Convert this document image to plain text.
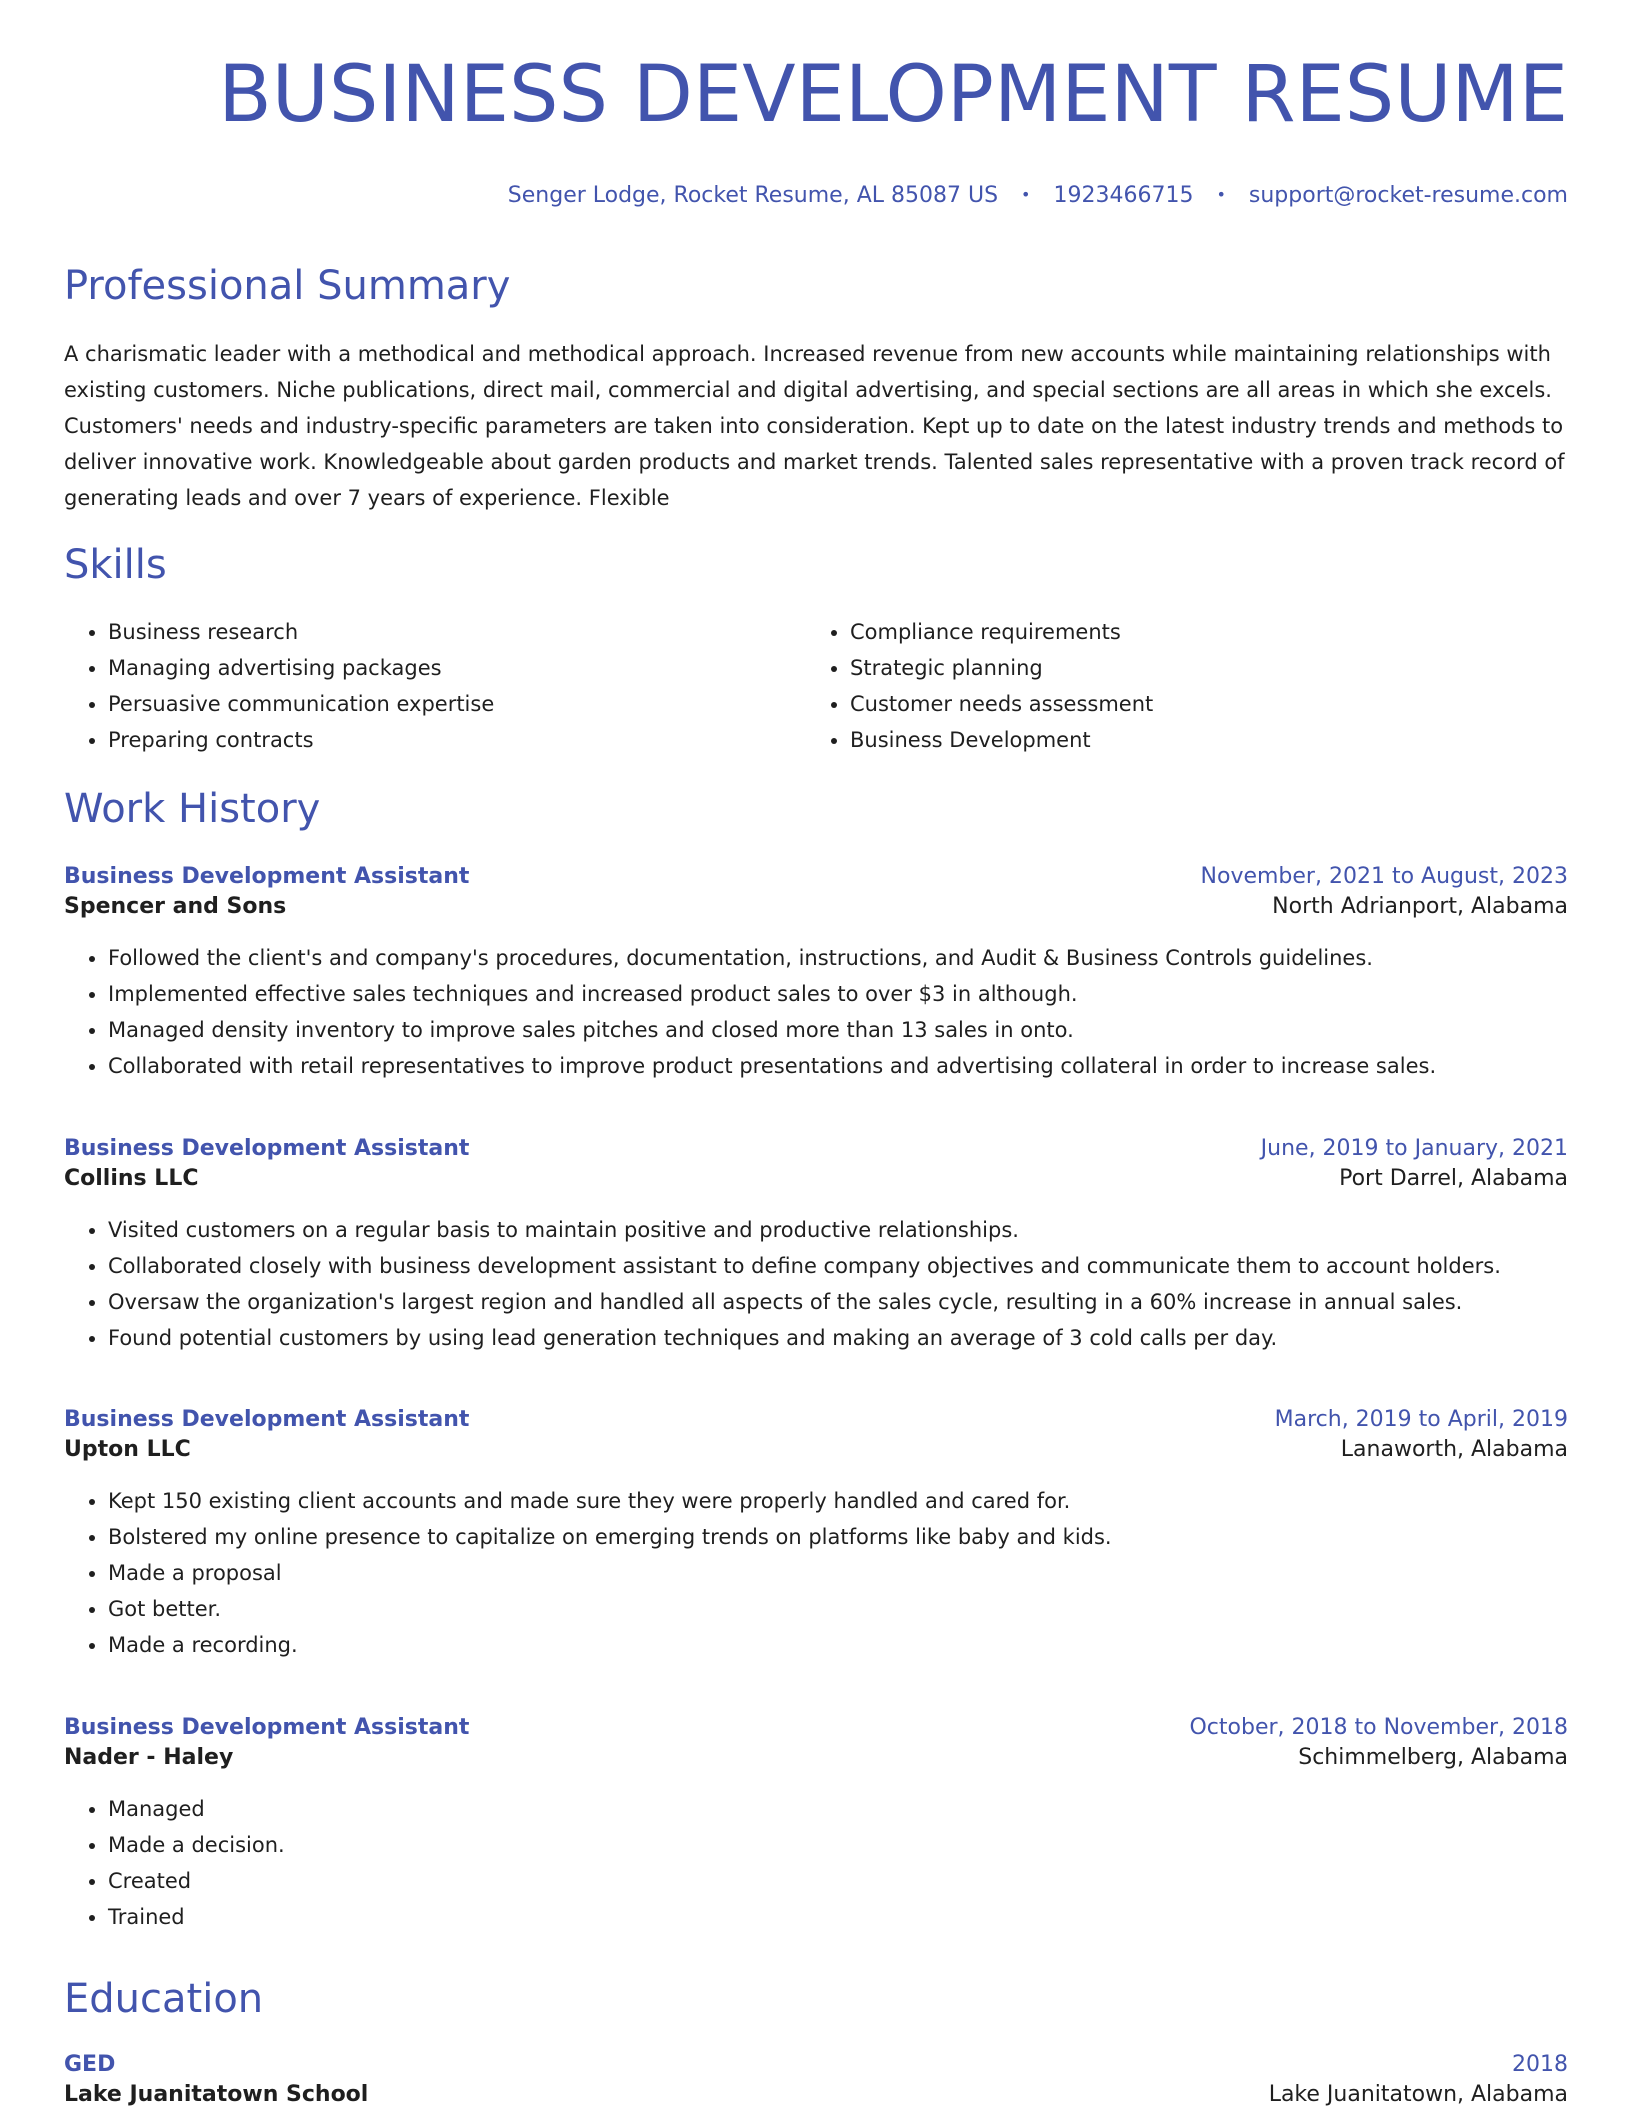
BUSINESS DEVELOPMENT RESUME
Senger Lodge, Rocket Resume, AL 85087 US • 1923466715 • support@rocket-resume.com
Professional Summary

A charismatic leader with a methodical and methodical approach. Increased revenue from new accounts while maintaining relationships with existing customers. Niche publications, direct mail, commercial and digital advertising, and special sections are all areas in which she excels. Customers' needs and industry-specific parameters are taken into consideration. Kept up to date on the latest industry trends and methods to deliver innovative work. Knowledgeable about garden products and market trends. Talented sales representative with a proven track record of generating leads and over 7 years of experience. Flexible

Skills
• Business research
• Managing advertising packages
• Persuasive communication expertise
• Preparing contracts
• Compliance requirements
• Strategic planning
• Customer needs assessment
• Business Development
Work History
Business Development Assistant	November, 2021 to August, 2023
Spencer and Sons	North Adrianport, Alabama
• Followed the client's and company's procedures, documentation, instructions, and Audit & Business Controls guidelines.
• Implemented effective sales techniques and increased product sales to over $3 in although.
• Managed density inventory to improve sales pitches and closed more than 13 sales in onto.
• Collaborated with retail representatives to improve product presentations and advertising collateral in order to increase sales.
Business Development Assistant	June, 2019 to January, 2021
Collins LLC	Port Darrel, Alabama
• Visited customers on a regular basis to maintain positive and productive relationships.
• Collaborated closely with business development assistant to define company objectives and communicate them to account holders.
• Oversaw the organization's largest region and handled all aspects of the sales cycle, resulting in a 60% increase in annual sales.
• Found potential customers by using lead generation techniques and making an average of 3 cold calls per day.
Business Development Assistant	March, 2019 to April, 2019
Upton LLC	Lanaworth, Alabama
• Kept 150 existing client accounts and made sure they were properly handled and cared for.
• Bolstered my online presence to capitalize on emerging trends on platforms like baby and kids.
• Made a proposal
• Got better.
• Made a recording.
Business Development Assistant	October, 2018 to November, 2018
Nader - Haley	Schimmelberg, Alabama
• Managed
• Made a decision.
• Created
• Trained
Education
GED	2018
Lake Juanitatown School	Lake Juanitatown, Alabama
